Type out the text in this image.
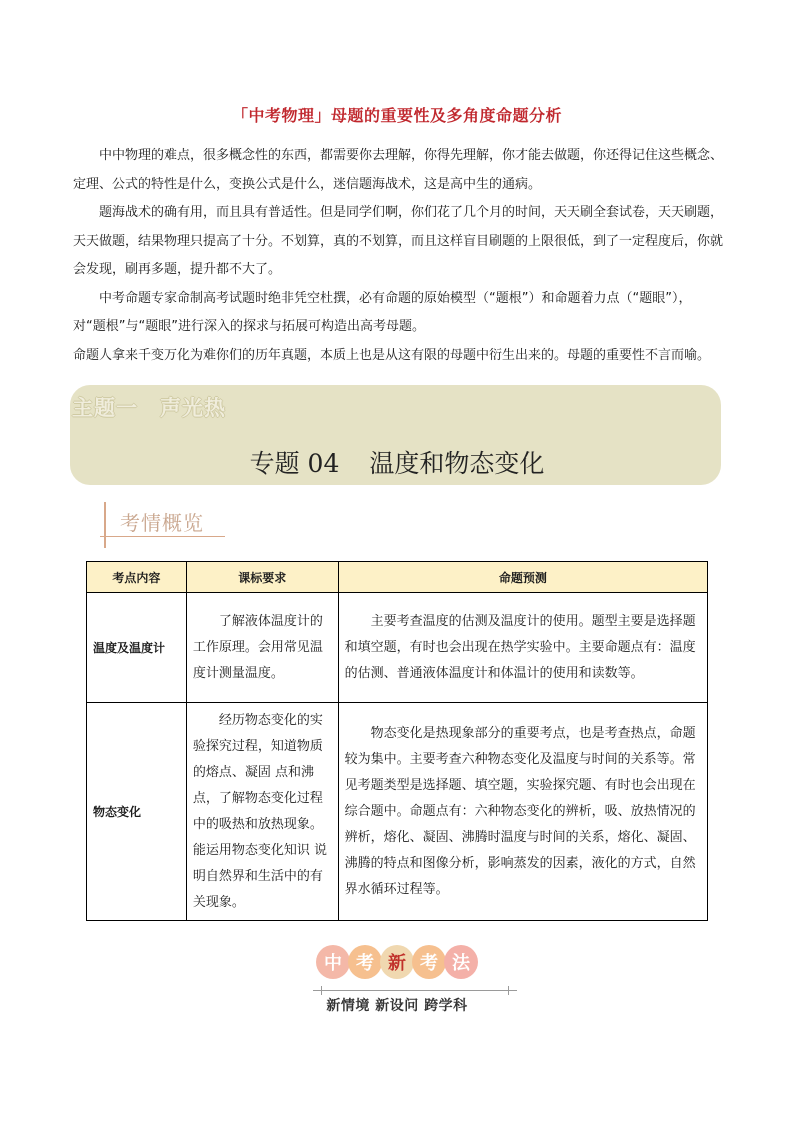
「中考物理」母题的重要性及多角度命题分析

中中物理的难点，很多概念性的东西，都需要你去理解，你得先理解，你才能去做题，你还得记住这些概念、定理、公式的特性是什么，变换公式是什么，迷信题海战术，这是高中生的通病。

题海战术的确有用，而且具有普适性。但是同学们啊，你们花了几个月的时间，天天刷全套试卷，天天刷题，天天做题，结果物理只提高了十分。不划算，真的不划算，而且这样盲目刷题的上限很低，到了一定程度后，你就会发现，刷再多题，提升都不大了。

中考命题专家命制高考试题时绝非凭空杜撰，必有命题的原始模型（“题根”）和命题着力点（“题眼”），对“题根”与“题眼”进行深入的探求与拓展可构造出高考母题。

命题人拿来千变万化为难你们的历年真题，本质上也是从这有限的母题中衍生出来的。母题的重要性不言而喻。

主题一　声光热
专题 04 温度和物态变化
考情概览
考点内容	课标要求	命题预测
温度及温度计	了解液体温度计的工作原理。会用常见温度计测量温度。	主要考查温度的估测及温度计的使用。题型主要是选择题和填空题，有时也会出现在热学实验中。主要命题点有：温度的估测、普通液体温度计和体温计的使用和读数等。
物态变化	经历物态变化的实验探究过程，知道物质的熔点、凝固 点和沸点，了解物态变化过程中的吸热和放热现象。能运用物态变化知识 说明自然界和生活中的有关现象。	物态变化是热现象部分的重要考点，也是考查热点，命题较为集中。主要考查六种物态变化及温度与时间的关系等。常见考题类型是选择题、填空题，实验探究题、有时也会出现在综合题中。命题点有：六种物态变化的辨析，吸、放热情况的辨析，熔化、凝固、沸腾时温度与时间的关系，熔化、凝固、沸腾的特点和图像分析，影响蒸发的因素，液化的方式，自然界水循环过程等。
中 考 新 考 法
新情境 新设问 跨学科
